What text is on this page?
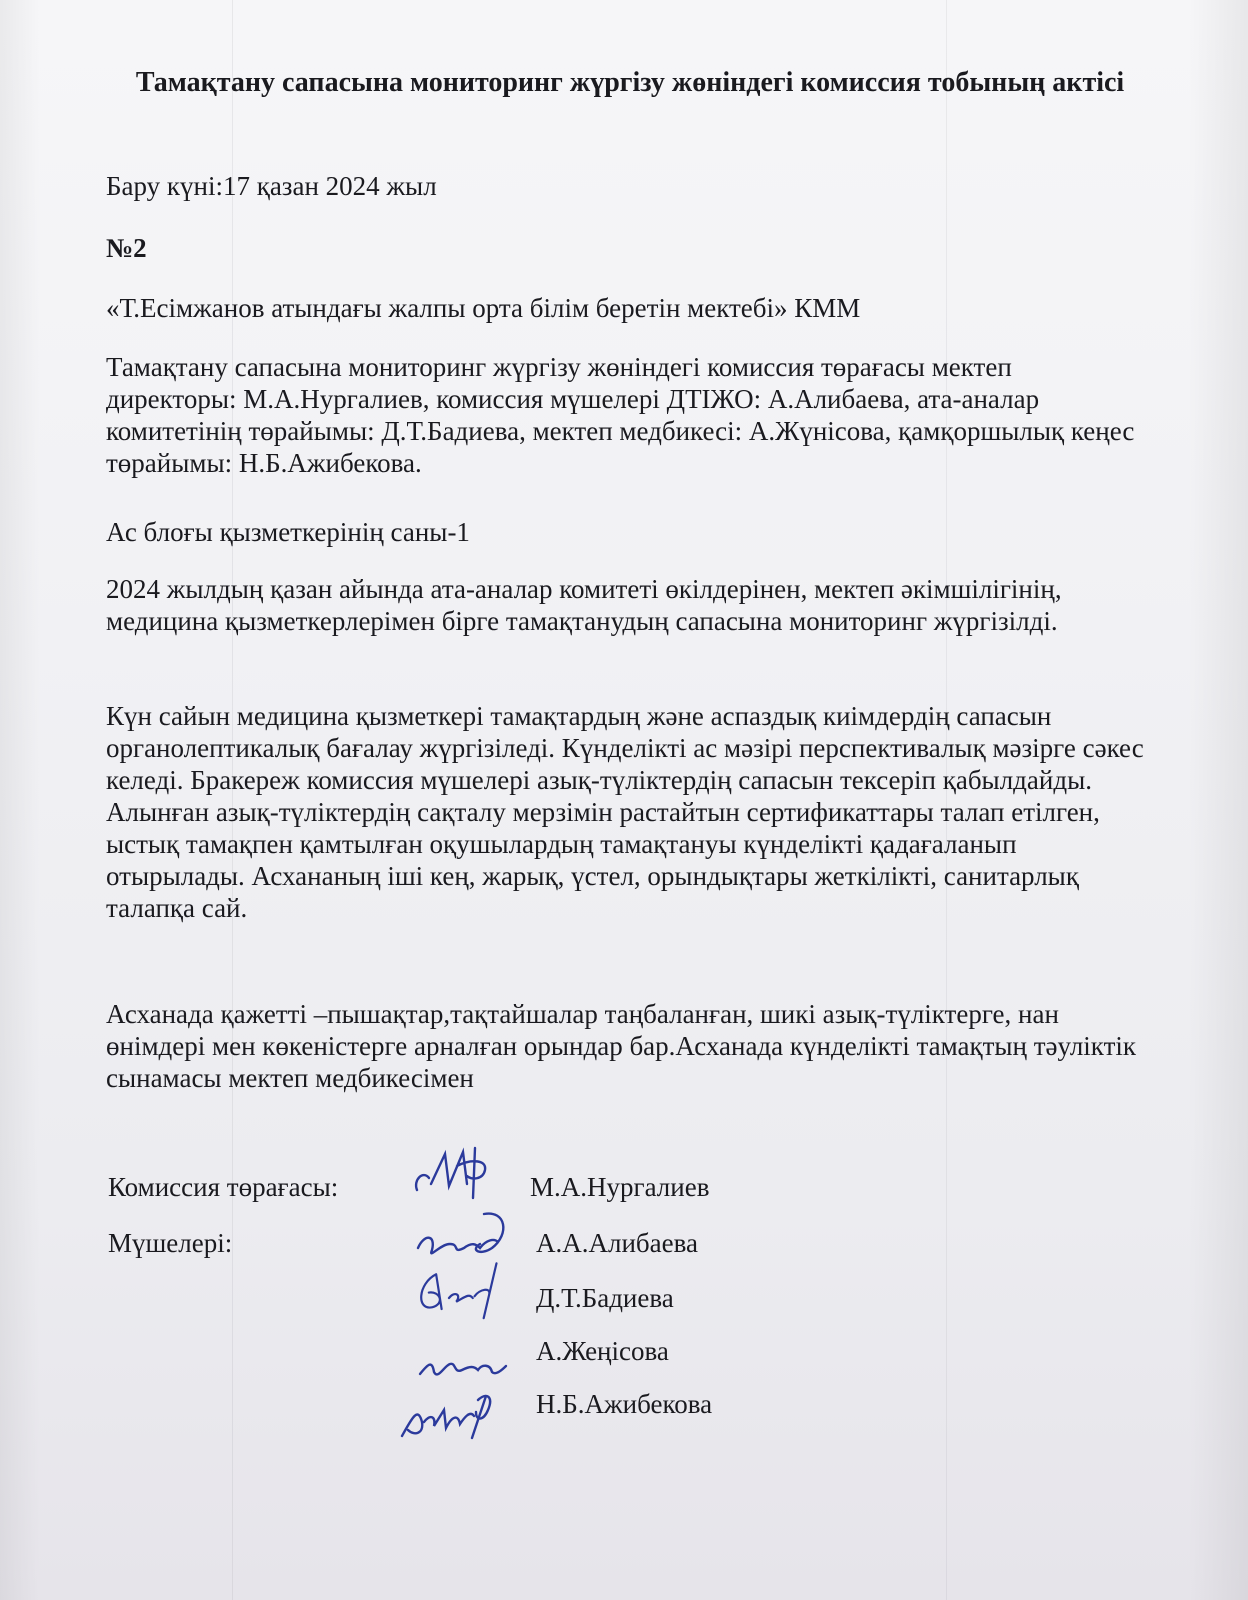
Тамақтану сапасына мониторинг жүргізу жөніндегі комиссия тобының актісі
Бару күні:17 қазан 2024 жыл
№2
«Т.Есімжанов атындағы жалпы орта білім беретін мектебі» КММ
Тамақтану сапасына мониторинг жүргізу жөніндегі комиссия төрағасы мектеп директоры: М.А.Нургалиев, комиссия мүшелері ДТІЖО: А.Алибаева, ата-аналар комитетінің төрайымы: Д.Т.Бадиева, мектеп медбикесі: А.Жүнісова, қамқоршылық кеңес төрайымы: Н.Б.Ажибекова.
Ас блоғы қызметкерінің саны-1
2024 жылдың қазан айында ата-аналар комитеті өкілдерінен, мектеп әкімшілігінің, медицина қызметкерлерімен бірге тамақтанудың сапасына мониторинг жүргізілді.
Күн сайын медицина қызметкері тамақтардың және аспаздық киімдердің сапасын органолептикалық бағалау жүргізіледі. Күнделікті ас мәзірі перспективалық мәзірге сәкес келеді. Бракереж комиссия мүшелері азық-түліктердің сапасын тексеріп қабылдайды. Алынған азық-түліктердің сақталу мерзімін растайтын сертификаттары талап етілген, ыстық тамақпен қамтылған оқушылардың тамақтануы күнделікті қадағаланып отырылады. Асхананың іші кең, жарық, үстел, орындықтары жеткілікті, санитарлық талапқа сай.
Асханада қажетті –пышақтар,тақтайшалар таңбаланған, шикі азық-түліктерге, нан өнімдері мен көкеністерге арналған орындар бар.Асханада күнделікті тамақтың тәуліктік сынамасы мектеп медбикесімен
Комиссия төрағасы:
Мүшелері:
М.А.Нургалиев
А.А.Алибаева
Д.Т.Бадиева
А.Жеңісова
Н.Б.Ажибекова
